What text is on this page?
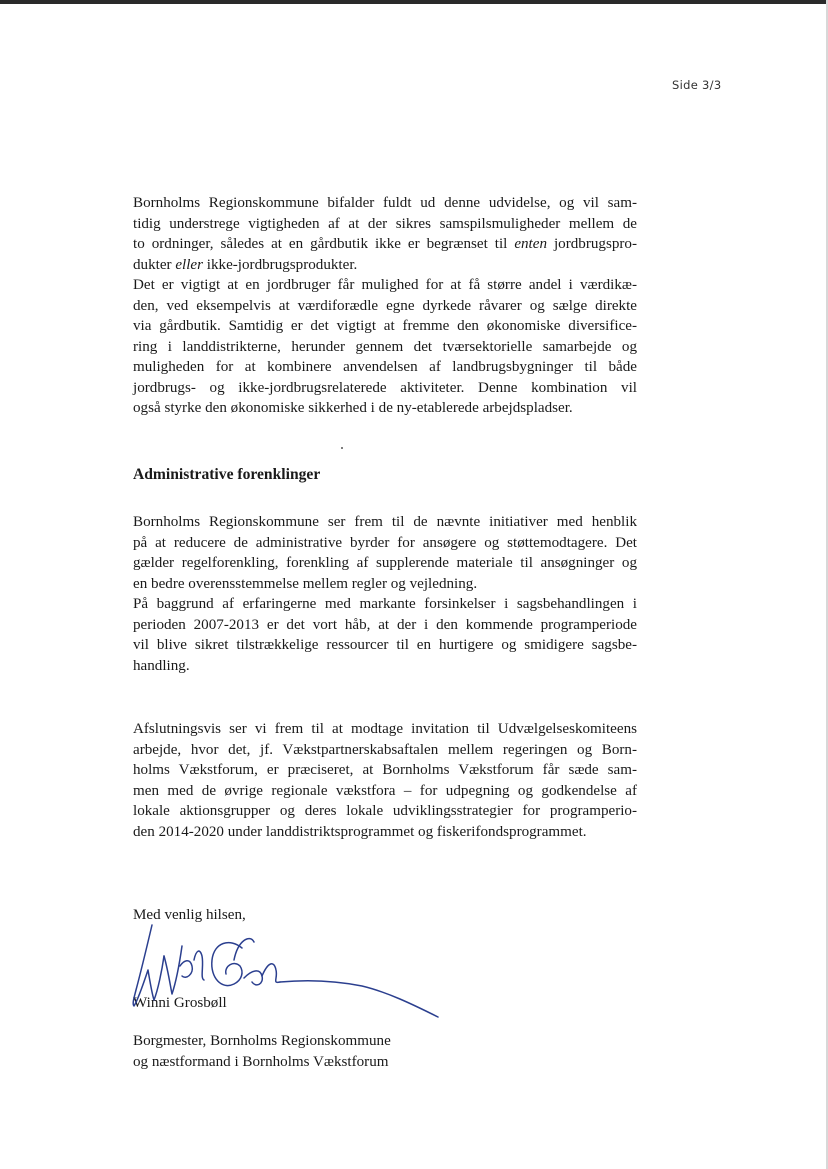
Side 3/3
Bornholms Regionskommune bifalder fuldt ud denne udvidelse, og vil sam-
tidig understrege vigtigheden af at der sikres samspilsmuligheder mellem de
to ordninger, således at en gårdbutik ikke er begrænset til enten jordbrugspro-
dukter eller ikke-jordbrugsprodukter.
Det er vigtigt at en jordbruger får mulighed for at få større andel i værdikæ-
den, ved eksempelvis at værdiforædle egne dyrkede råvarer og sælge direkte
via gårdbutik. Samtidig er det vigtigt at fremme den økonomiske diversifice-
ring i landdistrikterne, herunder gennem det tværsektorielle samarbejde og
muligheden for at kombinere anvendelsen af landbrugsbygninger til både
jordbrugs- og ikke-jordbrugsrelaterede aktiviteter. Denne kombination vil
også styrke den økonomiske sikkerhed i de ny-etablerede arbejdspladser.
Administrative forenklinger
Bornholms Regionskommune ser frem til de nævnte initiativer med henblik
på at reducere de administrative byrder for ansøgere og støttemodtagere. Det
gælder regelforenkling, forenkling af supplerende materiale til ansøgninger og
en bedre overensstemmelse mellem regler og vejledning.
På baggrund af erfaringerne med markante forsinkelser i sagsbehandlingen i
perioden 2007-2013 er det vort håb, at der i den kommende programperiode
vil blive sikret tilstrækkelige ressourcer til en hurtigere og smidigere sagsbe-
handling.
Afslutningsvis ser vi frem til at modtage invitation til Udvælgelseskomiteens
arbejde, hvor det, jf. Vækstpartnerskabsaftalen mellem regeringen og Born-
holms Vækstforum, er præciseret, at Bornholms Vækstforum får sæde sam-
men med de øvrige regionale vækstfora – for udpegning og godkendelse af
lokale aktionsgrupper og deres lokale udviklingsstrategier for programperio-
den 2014-2020 under landdistriktsprogrammet og fiskerifondsprogrammet.
Med venlig hilsen,
Winni Grosbøll
Borgmester, Bornholms Regionskommune
og næstformand i Bornholms Vækstforum
